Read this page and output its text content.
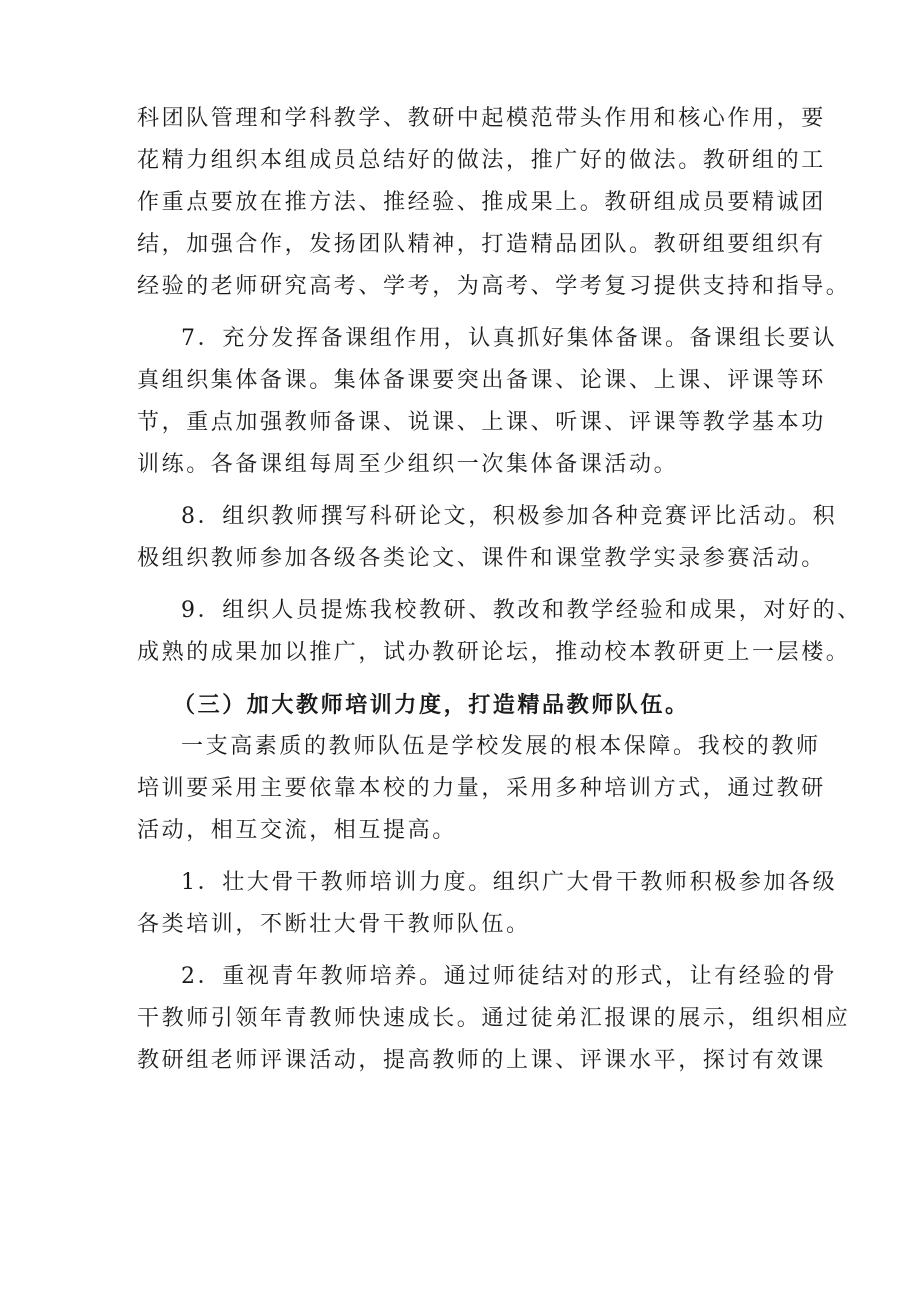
科团队管理和学科教学、教研中起模范带头作用和核心作用，要
花精力组织本组成员总结好的做法，推广好的做法。教研组的工
作重点要放在推方法、推经验、推成果上。教研组成员要精诚团
结，加强合作，发扬团队精神，打造精品团队。教研组要组织有
经验的老师研究高考、学考，为高考、学考复习提供支持和指导。
7．充分发挥备课组作用，认真抓好集体备课。备课组长要认
真组织集体备课。集体备课要突出备课、论课、上课、评课等环
节，重点加强教师备课、说课、上课、听课、评课等教学基本功
训练。各备课组每周至少组织一次集体备课活动。
8．组织教师撰写科研论文，积极参加各种竞赛评比活动。积
极组织教师参加各级各类论文、课件和课堂教学实录参赛活动。
9．组织人员提炼我校教研、教改和教学经验和成果，对好的、
成熟的成果加以推广，试办教研论坛，推动校本教研更上一层楼。
（三）加大教师培训力度，打造精品教师队伍。
一支高素质的教师队伍是学校发展的根本保障。我校的教师
培训要采用主要依靠本校的力量，采用多种培训方式，通过教研
活动，相互交流，相互提高。
1．壮大骨干教师培训力度。组织广大骨干教师积极参加各级
各类培训，不断壮大骨干教师队伍。
2．重视青年教师培养。通过师徒结对的形式，让有经验的骨
干教师引领年青教师快速成长。通过徒弟汇报课的展示，组织相应
教研组老师评课活动，提高教师的上课、评课水平，探讨有效课
